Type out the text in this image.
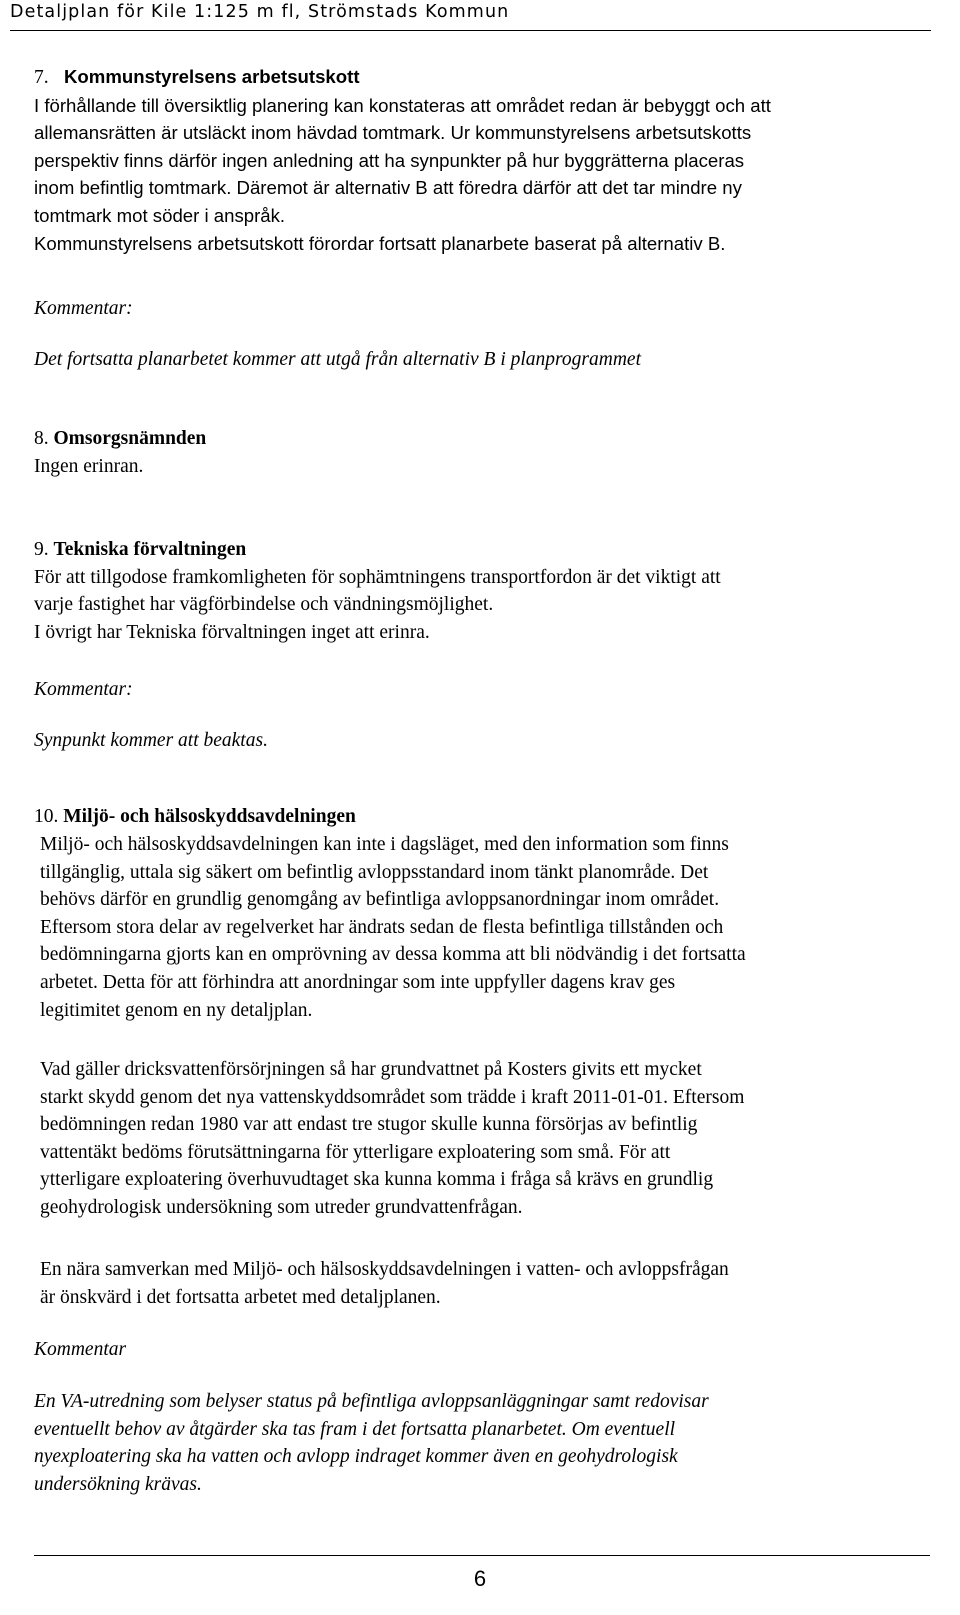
Detaljplan för Kile 1:125 m fl, Strömstads Kommun
7. Kommunstyrelsens arbetsutskott
I förhållande till översiktlig planering kan konstateras att området redan är bebyggt och att
allemansrätten är utsläckt inom hävdad tomtmark. Ur kommunstyrelsens arbetsutskotts
perspektiv finns därför ingen anledning att ha synpunkter på hur byggrätterna placeras
inom befintlig tomtmark. Däremot är alternativ B att föredra därför att det tar mindre ny
tomtmark mot söder i anspråk.
Kommunstyrelsens arbetsutskott förordar fortsatt planarbete baserat på alternativ B.
Kommentar:
Det fortsatta planarbetet kommer att utgå från alternativ B i planprogrammet
8. Omsorgsnämnden
Ingen erinran.
9. Tekniska förvaltningen
För att tillgodose framkomligheten för sophämtningens transportfordon är det viktigt att
varje fastighet har vägförbindelse och vändningsmöjlighet.
I övrigt har Tekniska förvaltningen inget att erinra.
Kommentar:
Synpunkt kommer att beaktas.
10. Miljö- och hälsoskyddsavdelningen
Miljö- och hälsoskyddsavdelningen kan inte i dagsläget, med den information som finns
tillgänglig, uttala sig säkert om befintlig avloppsstandard inom tänkt planområde. Det
behövs därför en grundlig genomgång av befintliga avloppsanordningar inom området.
Eftersom stora delar av regelverket har ändrats sedan de flesta befintliga tillstånden och
bedömningarna gjorts kan en omprövning av dessa komma att bli nödvändig i det fortsatta
arbetet. Detta för att förhindra att anordningar som inte uppfyller dagens krav ges
legitimitet genom en ny detaljplan.
Vad gäller dricksvattenförsörjningen så har grundvattnet på Kosters givits ett mycket
starkt skydd genom det nya vattenskyddsområdet som trädde i kraft 2011-01-01. Eftersom
bedömningen redan 1980 var att endast tre stugor skulle kunna försörjas av befintlig
vattentäkt bedöms förutsättningarna för ytterligare exploatering som små. För att
ytterligare exploatering överhuvudtaget ska kunna komma i fråga så krävs en grundlig
geohydrologisk undersökning som utreder grundvattenfrågan.
En nära samverkan med Miljö- och hälsoskyddsavdelningen i vatten- och avloppsfrågan
är önskvärd i det fortsatta arbetet med detaljplanen.
Kommentar
En VA-utredning som belyser status på befintliga avloppsanläggningar samt redovisar
eventuellt behov av åtgärder ska tas fram i det fortsatta planarbetet. Om eventuell
nyexploatering ska ha vatten och avlopp indraget kommer även en geohydrologisk
undersökning krävas.
6
